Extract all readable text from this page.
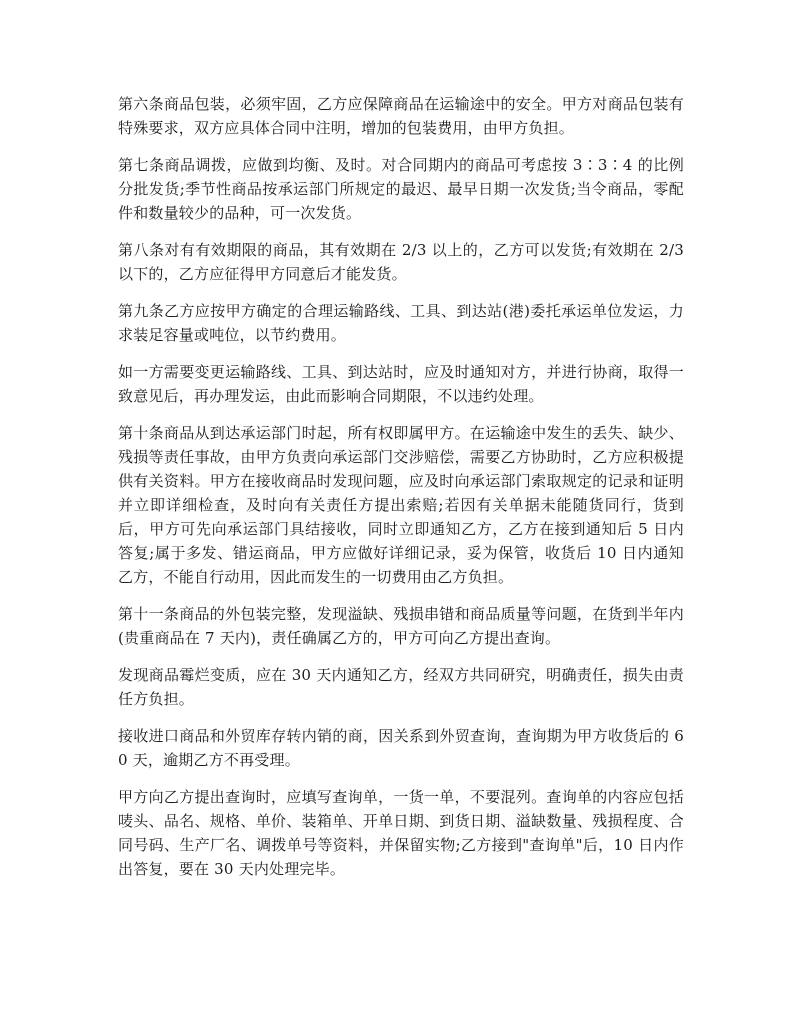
第六条商品包装，必须牢固，乙方应保障商品在运输途中的安全。甲方对商品包装有特殊要求，双方应具体合同中注明，增加的包装费用，由甲方负担。

第七条商品调拨，应做到均衡、及时。对合同期内的商品可考虑按 3∶3∶4 的比例分批发货;季节性商品按承运部门所规定的最迟、最早日期一次发货;当令商品，零配件和数量较少的品种，可一次发货。

第八条对有有效期限的商品，其有效期在 2/3 以上的，乙方可以发货;有效期在 2/3 以下的，乙方应征得甲方同意后才能发货。

第九条乙方应按甲方确定的合理运输路线、工具、到达站(港)委托承运单位发运，力求装足容量或吨位，以节约费用。

如一方需要变更运输路线、工具、到达站时，应及时通知对方，并进行协商，取得一致意见后，再办理发运，由此而影响合同期限，不以违约处理。

第十条商品从到达承运部门时起，所有权即属甲方。在运输途中发生的丢失、缺少、残损等责任事故，由甲方负责向承运部门交涉赔偿，需要乙方协助时，乙方应积极提供有关资料。甲方在接收商品时发现问题，应及时向承运部门索取规定的记录和证明并立即详细检查，及时向有关责任方提出索赔;若因有关单据未能随货同行，货到后，甲方可先向承运部门具结接收，同时立即通知乙方，乙方在接到通知后 5 日内答复;属于多发、错运商品，甲方应做好详细记录，妥为保管，收货后 10 日内通知乙方，不能自行动用，因此而发生的一切费用由乙方负担。

第十一条商品的外包装完整，发现溢缺、残损串错和商品质量等问题，在货到半年内(贵重商品在 7 天内)，责任确属乙方的，甲方可向乙方提出查询。

发现商品霉烂变质，应在 30 天内通知乙方，经双方共同研究，明确责任，损失由责任方负担。

接收进口商品和外贸库存转内销的商，因关系到外贸查询，查询期为甲方收货后的 60 天，逾期乙方不再受理。

甲方向乙方提出查询时，应填写查询单，一货一单，不要混列。查询单的内容应包括唛头、品名、规格、单价、装箱单、开单日期、到货日期、溢缺数量、残损程度、合同号码、生产厂名、调拨单号等资料，并保留实物;乙方接到"查询单"后，10 日内作出答复，要在 30 天内处理完毕。
